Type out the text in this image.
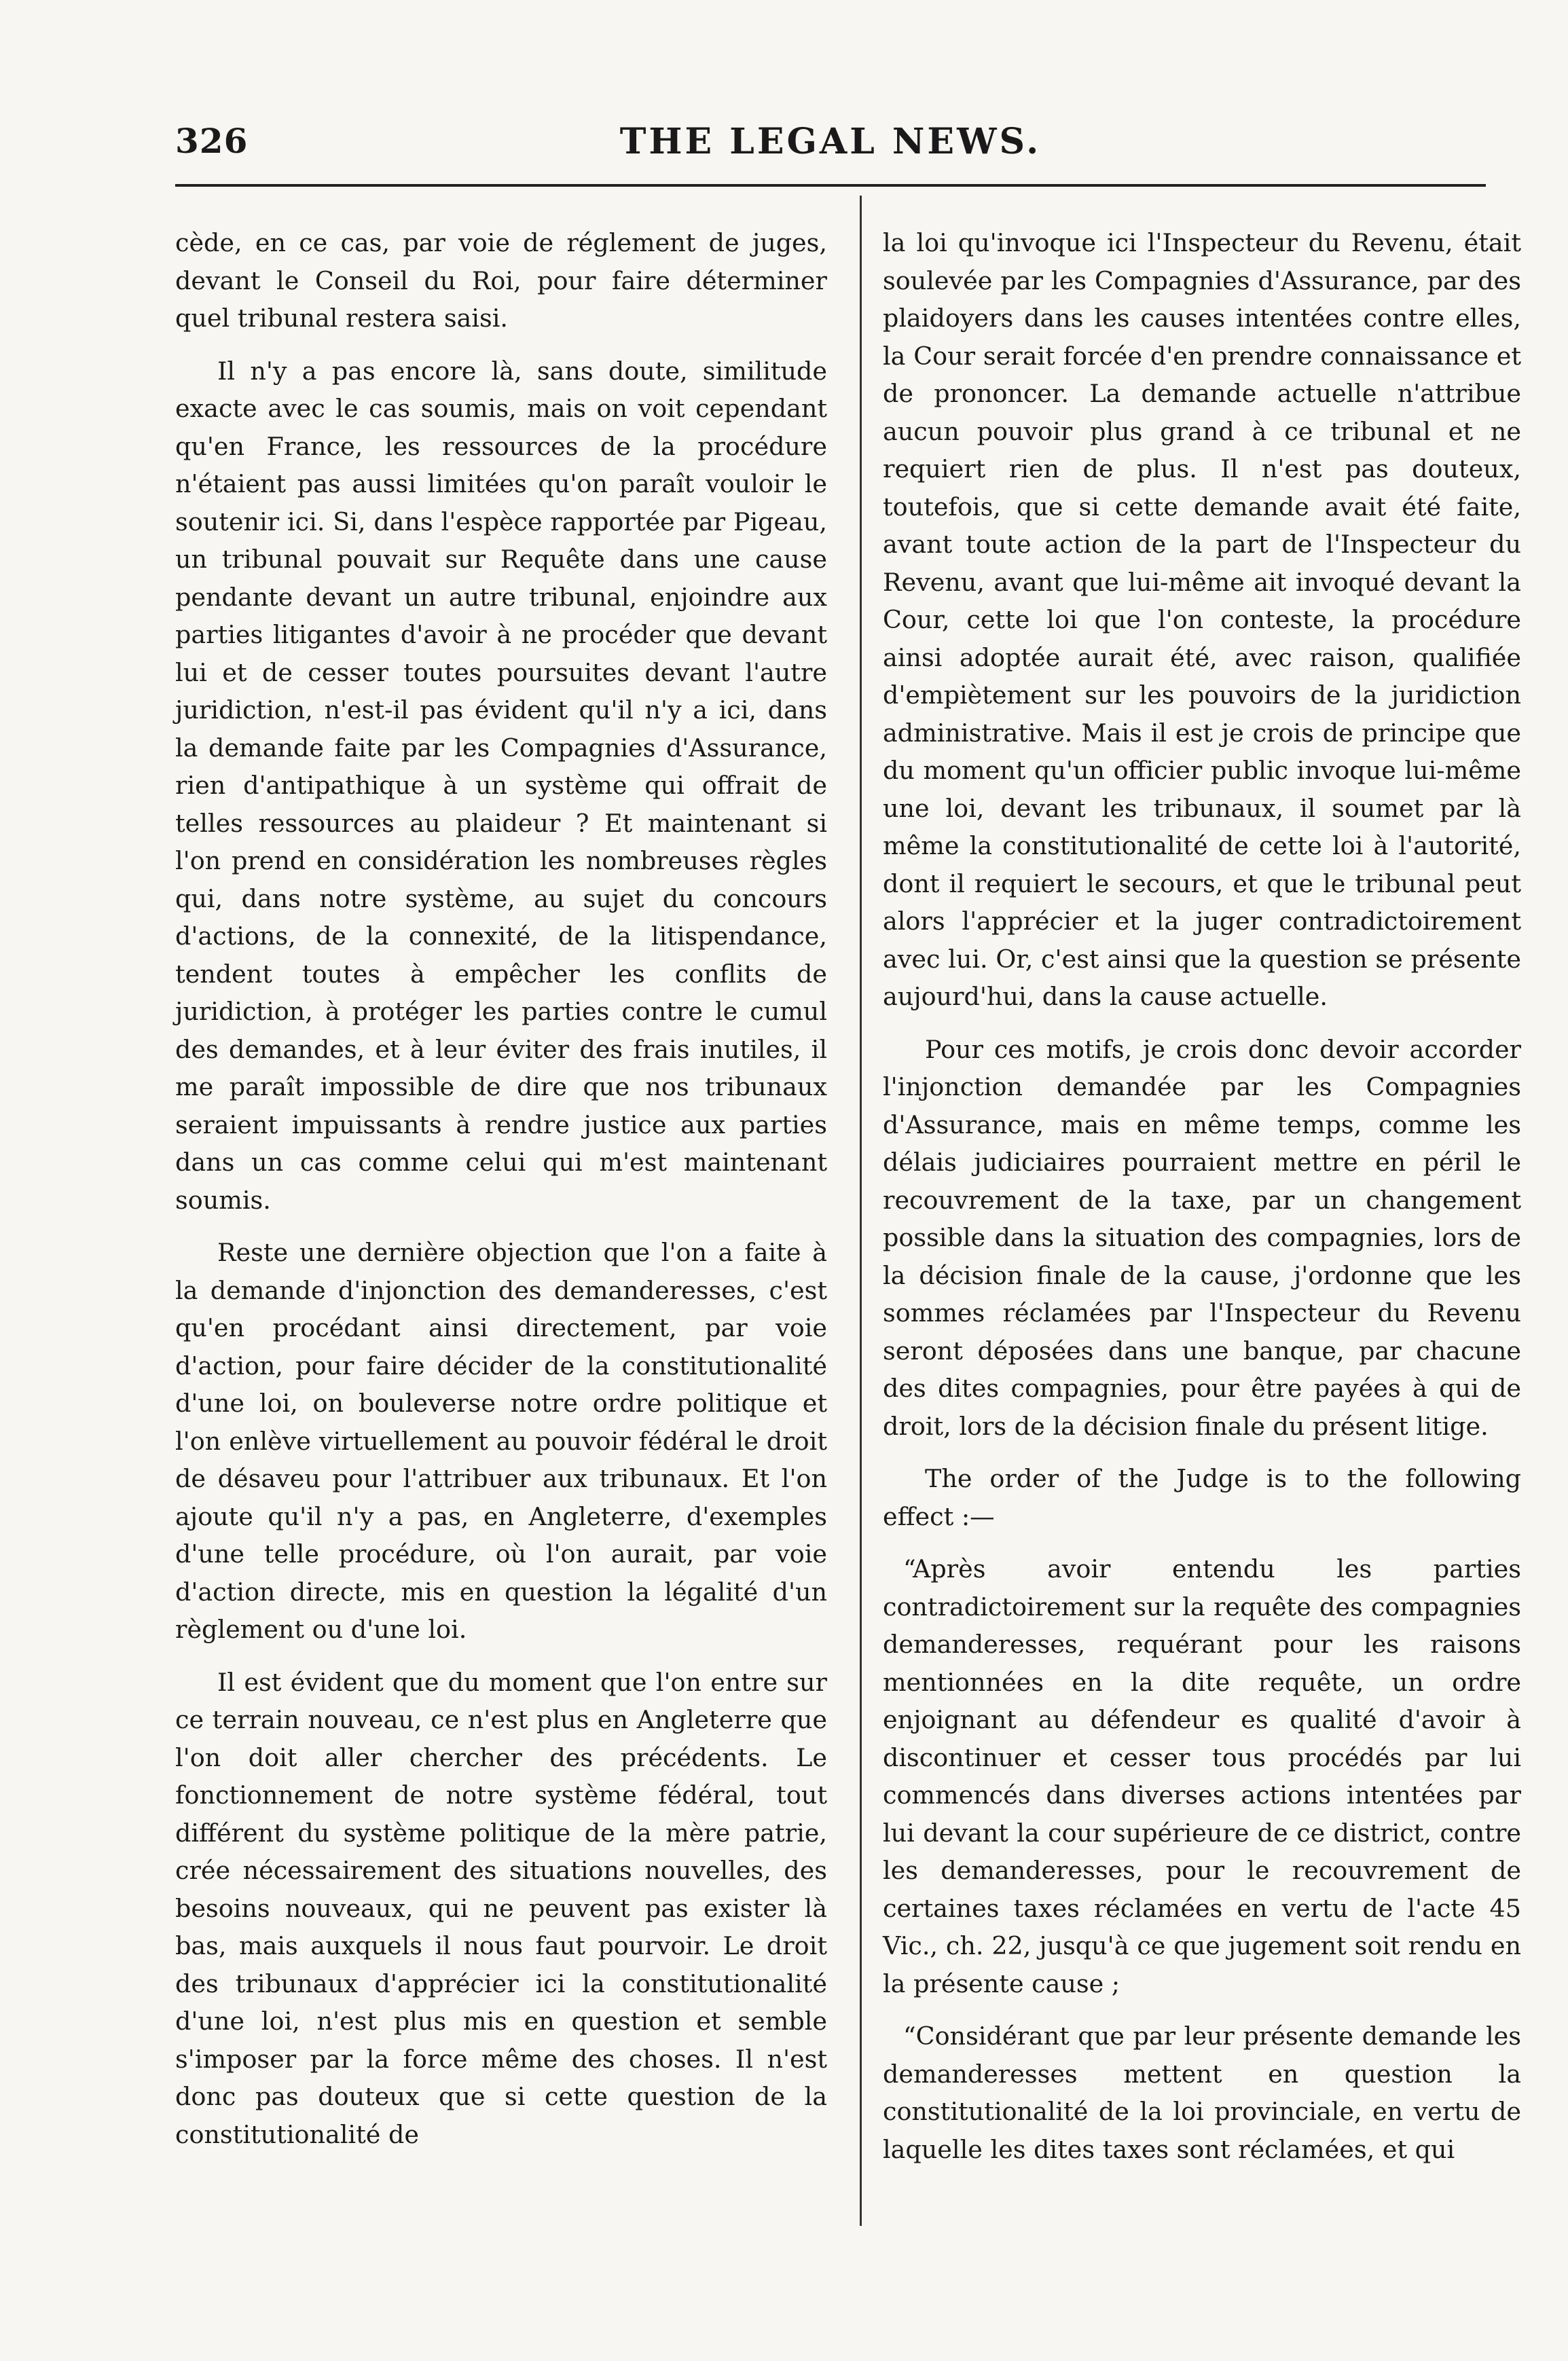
326	THE LEGAL NEWS.

cède, en ce cas, par voie de réglement de juges, devant le Conseil du Roi, pour faire déterminer quel tribunal restera saisi.

Il n'y a pas encore là, sans doute, similitude exacte avec le cas soumis, mais on voit cependant qu'en France, les ressources de la procédure n'étaient pas aussi limitées qu'on paraît vouloir le soutenir ici. Si, dans l'espèce rapportée par Pigeau, un tribunal pouvait sur Requête dans une cause pendante devant un autre tribunal, enjoindre aux parties litigantes d'avoir à ne procéder que devant lui et de cesser toutes poursuites devant l'autre juridiction, n'est-il pas évident qu'il n'y a ici, dans la demande faite par les Compagnies d'Assurance, rien d'antipathique à un système qui offrait de telles ressources au plaideur ? Et maintenant si l'on prend en considération les nombreuses règles qui, dans notre système, au sujet du concours d'actions, de la connexité, de la litispendance, tendent toutes à empêcher les conflits de juridiction, à protéger les parties contre le cumul des demandes, et à leur éviter des frais inutiles, il me paraît impossible de dire que nos tribunaux seraient impuissants à rendre justice aux parties dans un cas comme celui qui m'est maintenant soumis.

Reste une dernière objection que l'on a faite à la demande d'injonction des demanderesses, c'est qu'en procédant ainsi directement, par voie d'action, pour faire décider de la constitutionalité d'une loi, on bouleverse notre ordre politique et l'on enlève virtuellement au pouvoir fédéral le droit de désaveu pour l'attribuer aux tribunaux. Et l'on ajoute qu'il n'y a pas, en Angleterre, d'exemples d'une telle procédure, où l'on aurait, par voie d'action directe, mis en question la légalité d'un règlement ou d'une loi.

Il est évident que du moment que l'on entre sur ce terrain nouveau, ce n'est plus en Angleterre que l'on doit aller chercher des précédents. Le fonctionnement de notre système fédéral, tout différent du système politique de la mère patrie, crée nécessairement des situations nouvelles, des besoins nouveaux, qui ne peuvent pas exister là bas, mais auxquels il nous faut pourvoir. Le droit des tribunaux d'apprécier ici la constitutionalité d'une loi, n'est plus mis en question et semble s'imposer par la force même des choses. Il n'est donc pas douteux que si cette question de la constitutionalité de

la loi qu'invoque ici l'Inspecteur du Revenu, était soulevée par les Compagnies d'Assurance, par des plaidoyers dans les causes intentées contre elles, la Cour serait forcée d'en prendre connaissance et de prononcer. La demande actuelle n'attribue aucun pouvoir plus grand à ce tribunal et ne requiert rien de plus. Il n'est pas douteux, toutefois, que si cette demande avait été faite, avant toute action de la part de l'Inspecteur du Revenu, avant que lui-même ait invoqué devant la Cour, cette loi que l'on conteste, la procédure ainsi adoptée aurait été, avec raison, qualifiée d'empiètement sur les pouvoirs de la juridiction administrative. Mais il est je crois de principe que du moment qu'un officier public invoque lui-même une loi, devant les tribunaux, il soumet par là même la constitutionalité de cette loi à l'autorité, dont il requiert le secours, et que le tribunal peut alors l'apprécier et la juger contradictoirement avec lui. Or, c'est ainsi que la question se présente aujourd'hui, dans la cause actuelle.

Pour ces motifs, je crois donc devoir accorder l'injonction demandée par les Compagnies d'Assurance, mais en même temps, comme les délais judiciaires pourraient mettre en péril le recouvrement de la taxe, par un changement possible dans la situation des compagnies, lors de la décision finale de la cause, j'ordonne que les sommes réclamées par l'Inspecteur du Revenu seront déposées dans une banque, par chacune des dites compagnies, pour être payées à qui de droit, lors de la décision finale du présent litige.

The order of the Judge is to the following effect :—

“Après avoir entendu les parties contradictoirement sur la requête des compagnies demanderesses, requérant pour les raisons mentionnées en la dite requête, un ordre enjoignant au défendeur es qualité d'avoir à discontinuer et cesser tous procédés par lui commencés dans diverses actions intentées par lui devant la cour supérieure de ce district, contre les demanderesses, pour le recouvrement de certaines taxes réclamées en vertu de l'acte 45 Vic., ch. 22, jusqu'à ce que jugement soit rendu en la présente cause ;

“Considérant que par leur présente demande les demanderesses mettent en question la constitutionalité de la loi provinciale, en vertu de laquelle les dites taxes sont réclamées, et qui
